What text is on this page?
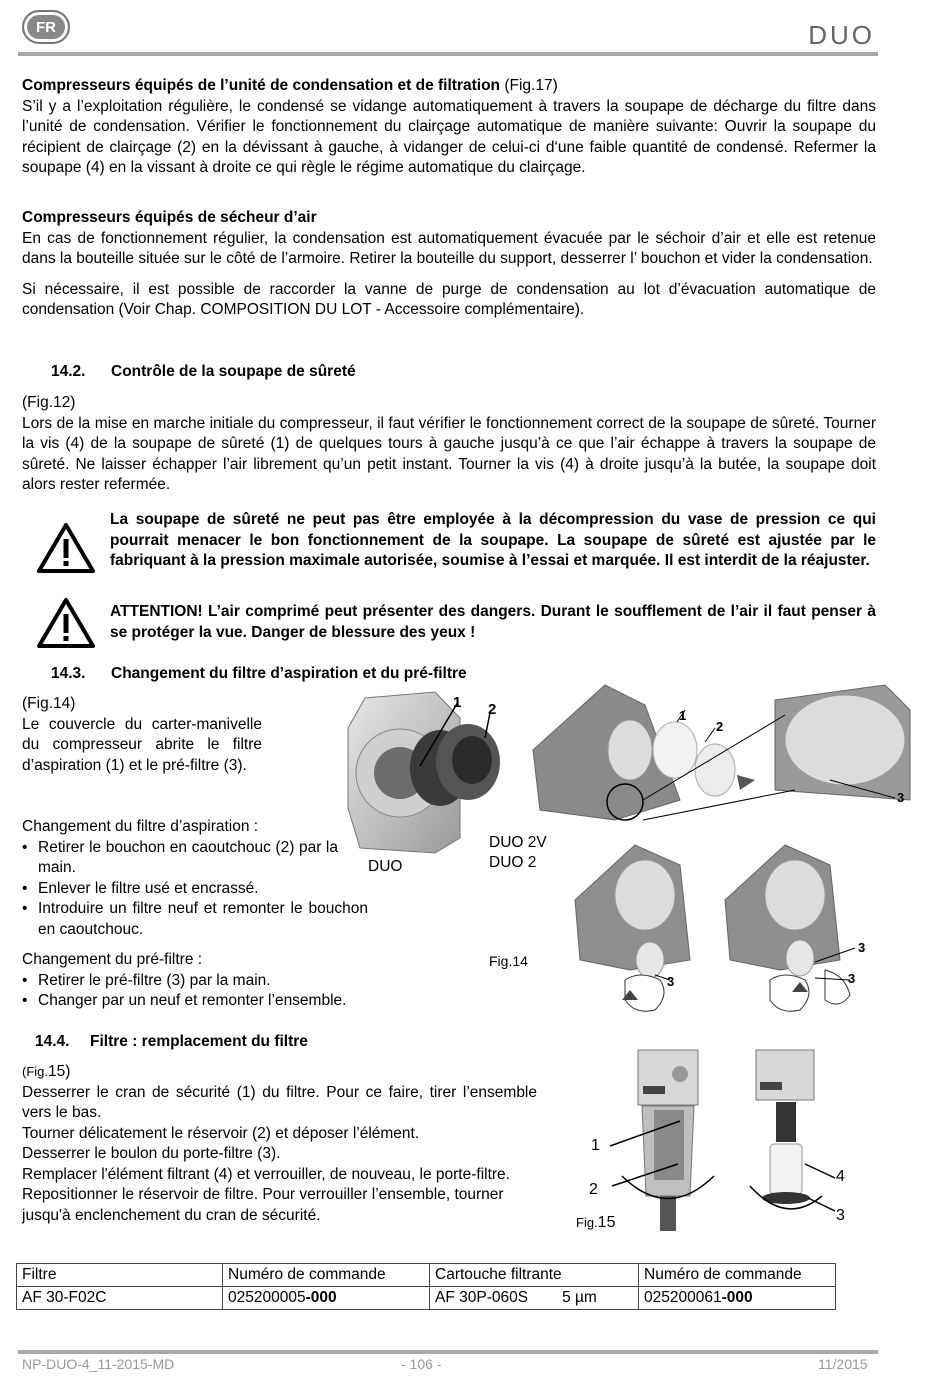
FR	DUO

Compresseurs équipés de l’unité de condensation et de filtration (Fig.17)

S’il y a l’exploitation régulière, le condensé se vidange automatiquement à travers la soupape de décharge du filtre dans l’unité de condensation. Vérifier le fonctionnement du clairçage automatique de manière suivante: Ouvrir la soupape du récipient de clairçage (2) en la dévissant à gauche, à vidanger de celui-ci d‘une faible quantité de condensé. Refermer la soupape (4) en la vissant à droite ce qui règle le régime automatique du clairçage.

Compresseurs équipés de sécheur d’air

En cas de fonctionnement régulier, la condensation est automatiquement évacuée par le séchoir d’air et elle est retenue dans la bouteille située sur le côté de l’armoire. Retirer la bouteille du support, desserrer l’ bouchon et vider la condensation.

Si nécessaire, il est possible de raccorder la vanne de purge de condensation au lot d’évacuation automatique de condensation (Voir Chap. COMPOSITION DU LOT - Accessoire complémentaire).

14.2. Contrôle de la soupape de sûreté

(Fig.12)

Lors de la mise en marche initiale du compresseur, il faut vérifier le fonctionnement correct de la soupape de sûreté. Tourner la vis (4) de la soupape de sûreté (1) de quelques tours à gauche jusqu’à ce que l’air échappe à travers la soupape de sûreté. Ne laisser échapper l’air librement qu’un petit instant. Tourner la vis (4) à droite jusqu’à la butée, la soupape doit alors rester refermée.

La soupape de sûreté ne peut pas être employée à la décompression du vase de pression ce qui pourrait menacer le bon fonctionnement de la soupape. La soupape de sûreté est ajustée par le fabriquant à la pression maximale autorisée, soumise à l’essai et marquée. Il est interdit de la réajuster.
ATTENTION! L’air comprimé peut présenter des dangers. Durant le soufflement de l’air il faut penser à se protéger la vue. Danger de blessure des yeux !
14.3. Changement du filtre d’aspiration et du pré-filtre

(Fig.14)

Le couvercle du carter-manivelle du compresseur abrite le filtre d’aspiration (1) et le pré-filtre (3).

Changement du filtre d’aspiration :

• Retirer le bouchon en caoutchouc (2) par la main.
• Enlever le filtre usé et encrassé.
• Introduire un filtre neuf et remonter le bouchon en caoutchouc.

Changement du pré-filtre :

• Retirer le pré-filtre (3) par la main.
• Changer par un neuf et remonter l’ensemble.
1 2
DUO
1
2
3
DUO 2V
DUO 2
Fig.14
3
3
3
14.4. Filtre : remplacement du filtre

(Fig.15)

Desserrer le cran de sécurité (1) du filtre. Pour ce faire, tirer l’ensemble vers le bas.

Tourner délicatement le réservoir (2) et déposer l’élément.

Desserrer le boulon du porte-filtre (3).

Remplacer l'élément filtrant (4) et verrouiller, de nouveau, le porte-filtre.

Repositionner le réservoir de filtre. Pour verrouiller l’ensemble, tourner jusqu'à enclenchement du cran de sécurité.

1
2
4
3
Fig.15
Filtre	Numéro de commande	Cartouche filtrante	Numéro de commande
AF 30-F02C	025200005-000	AF 30P-060S 5 µm	025200061-000
NP-DUO-4_11-2015-MD	- 106 -	11/2015
